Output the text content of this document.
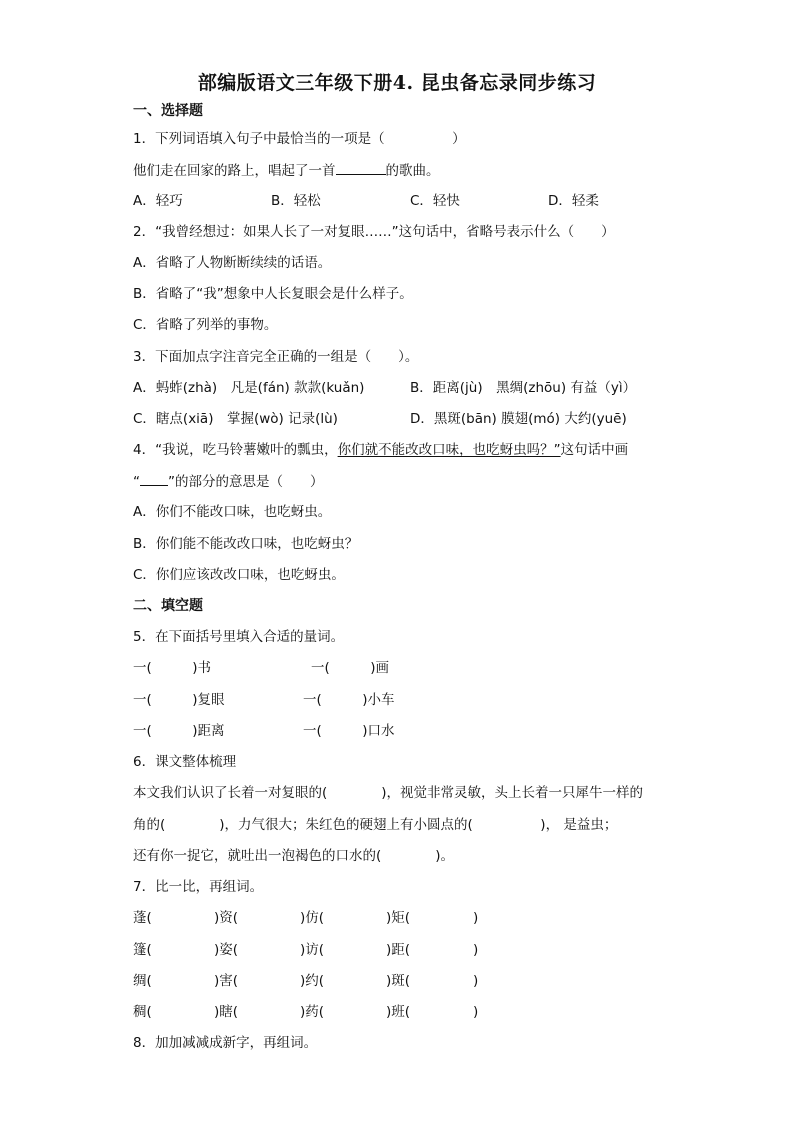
部编版语文三年级下册4. 昆虫备忘录同步练习
一、选择题
1．下列词语填入句子中最恰当的一项是（　　　　　）
他们走在回家的路上，唱起了一首	的歌曲。
A．轻巧	B．轻松	C．轻快	D．轻柔
2．“我曾经想过：如果人长了一对复眼……”这句话中，省略号表示什么（　　）
A．省略了人物断断续续的话语。
B．省略了“我”想象中人长复眼会是什么样子。
C．省略了列举的事物。
3．下面加点字注音完全正确的一组是（　　）。
A．蚂蚱(zhà)　凡是(fán) 款款(kuǎn)	B．距离(jù)　黑绸(zhōu) 有益（yì）
C．瞎点(xiā)　掌握(wò) 记录(lù)	D．黑斑(bān) 膜翅(mó) 大约(yuē)
4．“我说，吃马铃薯嫩叶的瓢虫，你们就不能改改口味，也吃蚜虫吗？”这句话中画
“ ”的部分的意思是（　　）
A．你们不能改口味，也吃蚜虫。
B．你们能不能改改口味，也吃蚜虫？
C．你们应该改改口味，也吃蚜虫。
二、填空题
5．在下面括号里填入合适的量词。
一(　　　)书	一(　　　)画
一(　　　)复眼	一(　　　)小车
一(　　　)距离	一(　　　)口水
6．课文整体梳理
本文我们认识了长着一对复眼的(　　　　)，视觉非常灵敏，头上长着一只犀牛一样的
角的(　　　　)，力气很大；朱红色的硬翅上有小圆点的(　　　　　)， 是益虫；
还有你一捉它，就吐出一泡褐色的口水的(　　　　)。
7．比一比，再组词。
蓬(	)资(	)仿(	)矩(	)
篷(	)姿(	)访(	)距(	)
绸(	)害(	)约(	)斑(	)
稠(	)瞎(	)药(	)班(	)
8．加加减减成新字，再组词。
